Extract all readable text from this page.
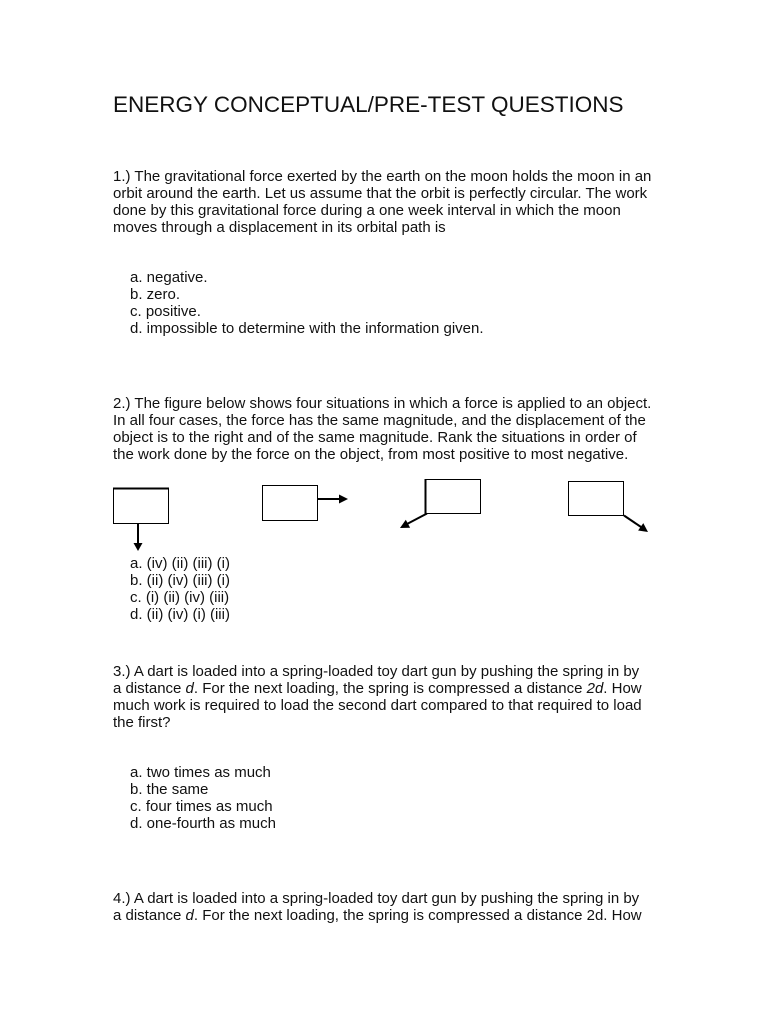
ENERGY CONCEPTUAL/PRE-TEST QUESTIONS
1.) The gravitational force exerted by the earth on the moon holds the moon in an
orbit around the earth. Let us assume that the orbit is perfectly circular. The work
done by this gravitational force during a one week interval in which the moon
moves through a displacement in its orbital path is
a. negative.
b. zero.
c. positive.
d. impossible to determine with the information given.
2.) The figure below shows four situations in which a force is applied to an object.
In all four cases, the force has the same magnitude, and the displacement of the
object is to the right and of the same magnitude. Rank the situations in order of
the work done by the force on the object, from most positive to most negative.
a. (iv) (ii) (iii) (i)
b. (ii) (iv) (iii) (i)
c. (i) (ii) (iv) (iii)
d. (ii) (iv) (i) (iii)
3.) A dart is loaded into a spring-loaded toy dart gun by pushing the spring in by
a distance d. For the next loading, the spring is compressed a distance 2d. How
much work is required to load the second dart compared to that required to load
the first?
a. two times as much
b. the same
c. four times as much
d. one-fourth as much
4.) A dart is loaded into a spring-loaded toy dart gun by pushing the spring in by
a distance d. For the next loading, the spring is compressed a distance 2d. How
